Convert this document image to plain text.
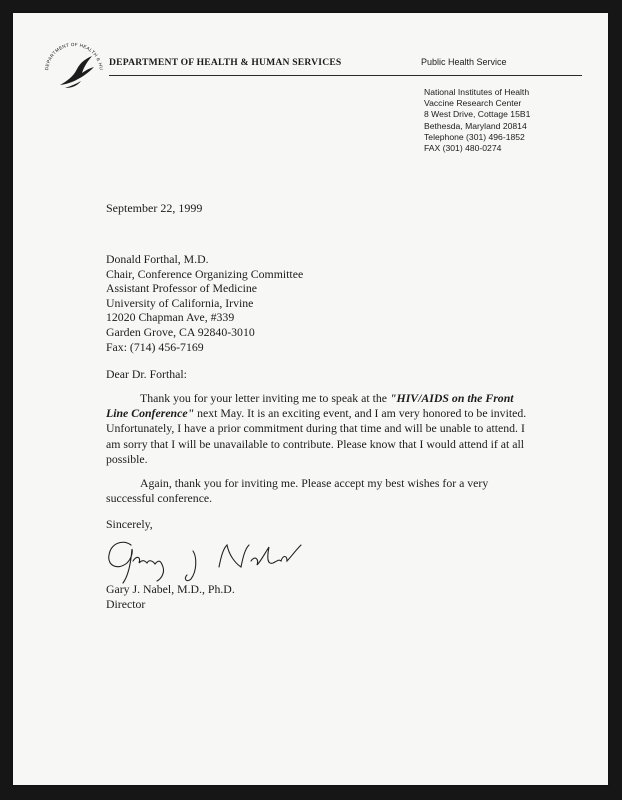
DEPARTMENT OF HEALTH & HU
DEPARTMENT OF HEALTH & HUMAN SERVICES	Public Health Service
National Institutes of Health
Vaccine Research Center
8 West Drive, Cottage 15B1
Bethesda, Maryland 20814
Telephone (301) 496-1852
FAX (301) 480-0274
September 22, 1999
Donald Forthal, M.D.
Chair, Conference Organizing Committee
Assistant Professor of Medicine
University of California, Irvine
12020 Chapman Ave, #339
Garden Grove, CA 92840-3010
Fax: (714) 456-7169
Dear Dr. Forthal:
Thank you for your letter inviting me to speak at the "HIV/AIDS on the Front Line Conference" next May. It is an exciting event, and I am very honored to be invited. Unfortunately, I have a prior commitment during that time and will be unable to attend. I am sorry that I will be unavailable to contribute. Please know that I would attend if at all possible.
Again, thank you for inviting me. Please accept my best wishes for a very successful conference.
Sincerely,
Gary J. Nabel, M.D., Ph.D.
Director
